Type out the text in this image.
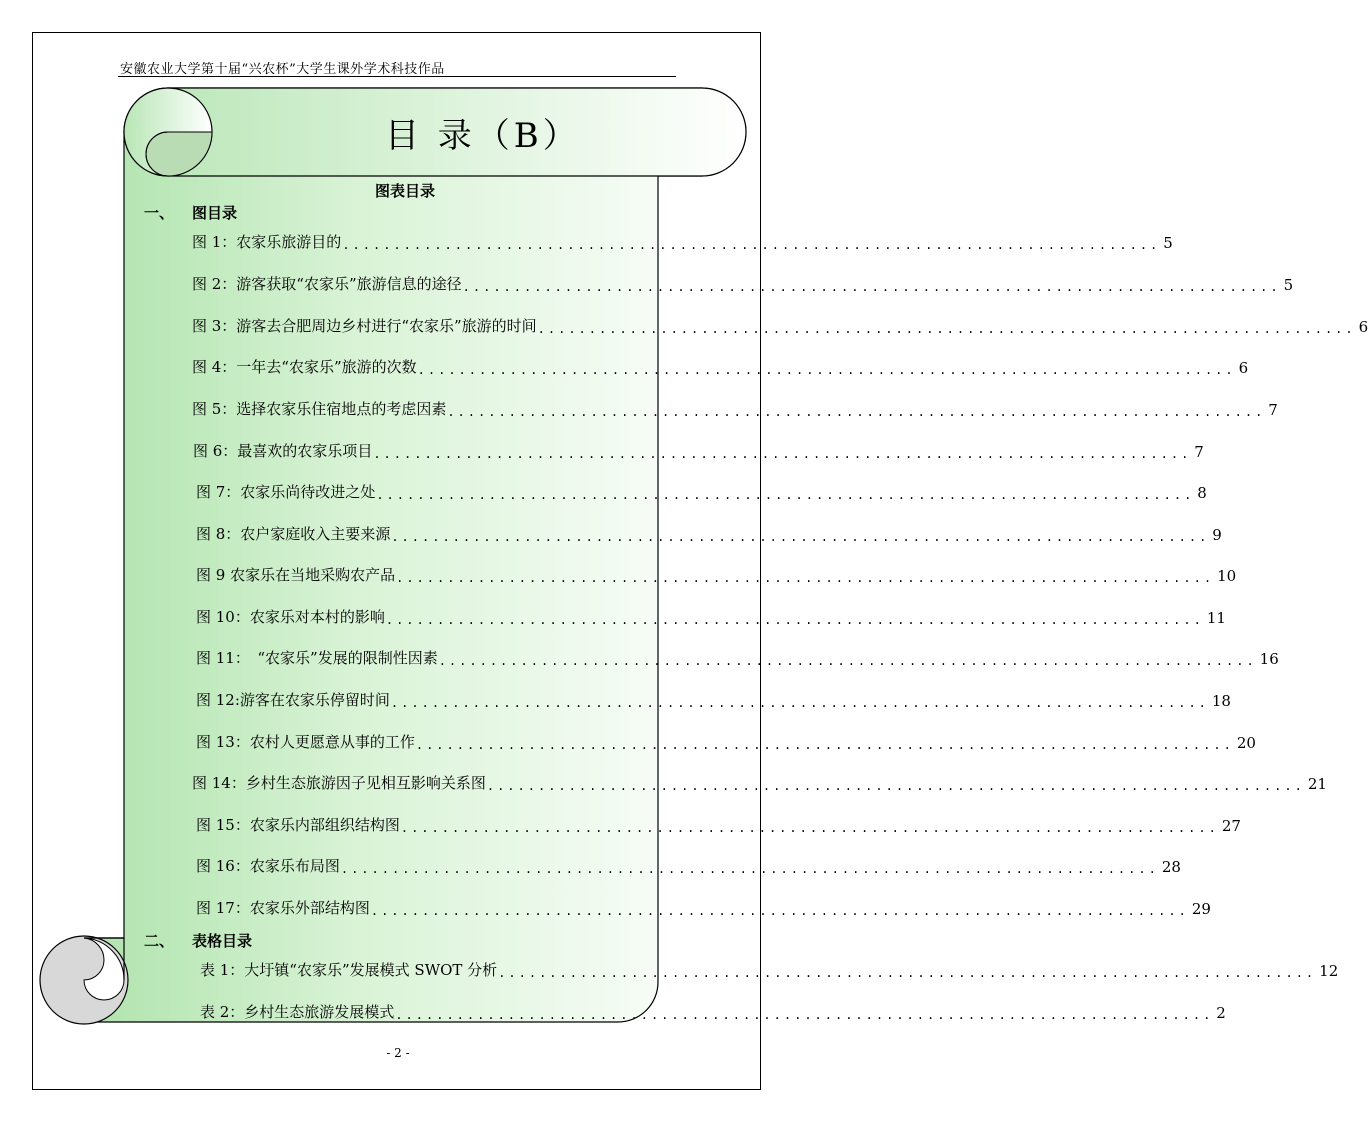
安徽农业大学第十届“兴农杯”大学生课外学术科技作品
目 录（B）
图表目录
一、 图目录
二、 表格目录
图 1：农家乐旅游目的 ................................................................................ 5
图 2：游客获取“农家乐”旅游信息的途径 ................................................................................ 5
图 3：游客去合肥周边乡村进行“农家乐”旅游的时间 ................................................................................ 6
图 4：一年去“农家乐”旅游的次数 ................................................................................ 6
图 5：选择农家乐住宿地点的考虑因素 ................................................................................ 7
图 6：最喜欢的农家乐项目 ................................................................................ 7
图 7：农家乐尚待改进之处 ................................................................................ 8
图 8：农户家庭收入主要来源 ................................................................................ 9
图 9 农家乐在当地采购农产品 ................................................................................ 10
图 10：农家乐对本村的影响 ................................................................................ 11
图 11：　“农家乐”发展的限制性因素 ................................................................................ 16
图 12:游客在农家乐停留时间 ................................................................................ 18
图 13：农村人更愿意从事的工作 ................................................................................ 20
图 14：乡村生态旅游因子见相互影响关系图 ................................................................................ 21
图 15：农家乐内部组织结构图 ................................................................................ 27
图 16：农家乐布局图 ................................................................................ 28
图 17：农家乐外部结构图 ................................................................................ 29
表 1：大圩镇“农家乐”发展模式 SWOT 分析 ................................................................................ 12
表 2：乡村生态旅游发展模式 ................................................................................ 2
- 2 -
